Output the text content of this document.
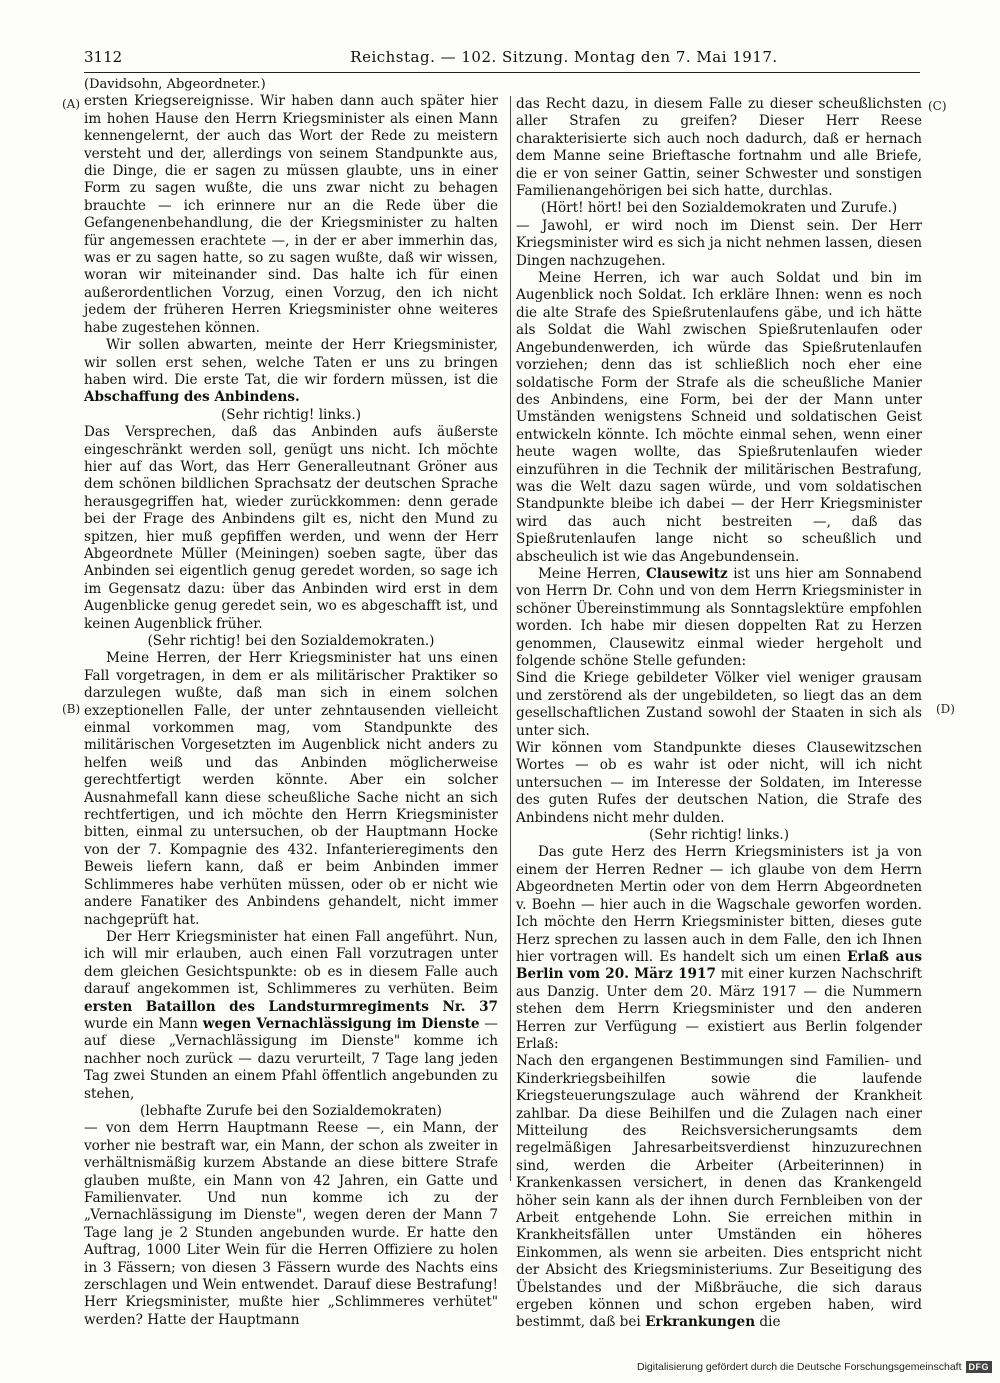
3112	Reichstag. — 102. Sitzung. Montag den 7. Mai 1917.
(A)
(B)
(C)
(D)

(Davidsohn, Abgeordneter.)

ersten Kriegsereignisse. Wir haben dann auch später hier im hohen Hause den Herrn Kriegsminister als einen Mann kennengelernt, der auch das Wort der Rede zu meistern versteht und der, allerdings von seinem Standpunkte aus, die Dinge, die er sagen zu müssen glaubte, uns in einer Form zu sagen wußte, die uns zwar nicht zu behagen brauchte — ich erinnere nur an die Rede über die Gefangenenbehandlung, die der Kriegsminister zu halten für angemessen erachtete —, in der er aber immerhin das, was er zu sagen hatte, so zu sagen wußte, daß wir wissen, woran wir miteinander sind. Das halte ich für einen außerordentlichen Vorzug, einen Vorzug, den ich nicht jedem der früheren Herren Kriegsminister ohne weiteres habe zugestehen können.

Wir sollen abwarten, meinte der Herr Kriegsminister, wir sollen erst sehen, welche Taten er uns zu bringen haben wird. Die erste Tat, die wir fordern müssen, ist die Abschaffung des Anbindens.

(Sehr richtig! links.)

Das Versprechen, daß das Anbinden aufs äußerste eingeschränkt werden soll, genügt uns nicht. Ich möchte hier auf das Wort, das Herr Generalleutnant Gröner aus dem schönen bildlichen Sprachsatz der deutschen Sprache herausgegriffen hat, wieder zurückkommen: denn gerade bei der Frage des Anbindens gilt es, nicht den Mund zu spitzen, hier muß gepfiffen werden, und wenn der Herr Abgeordnete Müller (Meiningen) soeben sagte, über das Anbinden sei eigentlich genug geredet worden, so sage ich im Gegensatz dazu: über das Anbinden wird erst in dem Augenblicke genug geredet sein, wo es abgeschafft ist, und keinen Augenblick früher.

(Sehr richtig! bei den Sozialdemokraten.)

Meine Herren, der Herr Kriegsminister hat uns einen Fall vorgetragen, in dem er als militärischer Praktiker so darzulegen wußte, daß man sich in einem solchen exzeptionellen Falle, der unter zehntausenden vielleicht einmal vorkommen mag, vom Standpunkte des militärischen Vorgesetzten im Augenblick nicht anders zu helfen weiß und das Anbinden möglicherweise gerechtfertigt werden könnte. Aber ein solcher Ausnahmefall kann diese scheußliche Sache nicht an sich rechtfertigen, und ich möchte den Herrn Kriegsminister bitten, einmal zu untersuchen, ob der Hauptmann Hocke von der 7. Kompagnie des 432. Infanterieregiments den Beweis liefern kann, daß er beim Anbinden immer Schlimmeres habe verhüten müssen, oder ob er nicht wie andere Fanatiker des Anbindens gehandelt, nicht immer nachgeprüft hat.

Der Herr Kriegsminister hat einen Fall angeführt. Nun, ich will mir erlauben, auch einen Fall vorzutragen unter dem gleichen Gesichtspunkte: ob es in diesem Falle auch darauf angekommen ist, Schlimmeres zu verhüten. Beim ersten Bataillon des Landsturmregiments Nr. 37 wurde ein Mann wegen Vernachlässigung im Dienste — auf diese „Vernachlässigung im Dienste" komme ich nachher noch zurück — dazu verurteilt, 7 Tage lang jeden Tag zwei Stunden an einem Pfahl öffentlich angebunden zu stehen,

(lebhafte Zurufe bei den Sozialdemokraten)

— von dem Herrn Hauptmann Reese —, ein Mann, der vorher nie bestraft war, ein Mann, der schon als zweiter in verhältnismäßig kurzem Abstande an diese bittere Strafe glauben mußte, ein Mann von 42 Jahren, ein Gatte und Familienvater. Und nun komme ich zu der „Vernachlässigung im Dienste", wegen deren der Mann 7 Tage lang je 2 Stunden angebunden wurde. Er hatte den Auftrag, 1000 Liter Wein für die Herren Offiziere zu holen in 3 Fässern; von diesen 3 Fässern wurde des Nachts eins zerschlagen und Wein entwendet. Darauf diese Bestrafung! Herr Kriegsminister, mußte hier „Schlimmeres verhütet" werden? Hatte der Hauptmann

das Recht dazu, in diesem Falle zu dieser scheußlichsten aller Strafen zu greifen? Dieser Herr Reese charakterisierte sich auch noch dadurch, daß er hernach dem Manne seine Brieftasche fortnahm und alle Briefe, die er von seiner Gattin, seiner Schwester und sonstigen Familienangehörigen bei sich hatte, durchlas.

(Hört! hört! bei den Sozialdemokraten und Zurufe.)

— Jawohl, er wird noch im Dienst sein. Der Herr Kriegsminister wird es sich ja nicht nehmen lassen, diesen Dingen nachzugehen.

Meine Herren, ich war auch Soldat und bin im Augenblick noch Soldat. Ich erkläre Ihnen: wenn es noch die alte Strafe des Spießrutenlaufens gäbe, und ich hätte als Soldat die Wahl zwischen Spießrutenlaufen oder Angebundenwerden, ich würde das Spießrutenlaufen vorziehen; denn das ist schließlich noch eher eine soldatische Form der Strafe als die scheußliche Manier des Anbindens, eine Form, bei der der Mann unter Umständen wenigstens Schneid und soldatischen Geist entwickeln könnte. Ich möchte einmal sehen, wenn einer heute wagen wollte, das Spießrutenlaufen wieder einzuführen in die Technik der militärischen Bestrafung, was die Welt dazu sagen würde, und vom soldatischen Standpunkte bleibe ich dabei — der Herr Kriegsminister wird das auch nicht bestreiten —, daß das Spießrutenlaufen lange nicht so scheußlich und abscheulich ist wie das Angebundensein.

Meine Herren, Clausewitz ist uns hier am Sonnabend von Herrn Dr. Cohn und von dem Herrn Kriegsminister in schöner Übereinstimmung als Sonntagslektüre empfohlen worden. Ich habe mir diesen doppelten Rat zu Herzen genommen, Clausewitz einmal wieder hergeholt und folgende schöne Stelle gefunden:

Sind die Kriege gebildeter Völker viel weniger grausam und zerstörend als der ungebildeten, so liegt das an dem gesellschaftlichen Zustand sowohl der Staaten in sich als unter sich.

Wir können vom Standpunkte dieses Clausewitzschen Wortes — ob es wahr ist oder nicht, will ich nicht untersuchen — im Interesse der Soldaten, im Interesse des guten Rufes der deutschen Nation, die Strafe des Anbindens nicht mehr dulden.

(Sehr richtig! links.)

Das gute Herz des Herrn Kriegsministers ist ja von einem der Herren Redner — ich glaube von dem Herrn Abgeordneten Mertin oder von dem Herrn Abgeordneten v. Boehn — hier auch in die Wagschale geworfen worden. Ich möchte den Herrn Kriegsminister bitten, dieses gute Herz sprechen zu lassen auch in dem Falle, den ich Ihnen hier vortragen will. Es handelt sich um einen Erlaß aus Berlin vom 20. März 1917 mit einer kurzen Nachschrift aus Danzig. Unter dem 20. März 1917 — die Nummern stehen dem Herrn Kriegsminister und den anderen Herren zur Verfügung — existiert aus Berlin folgender Erlaß:

Nach den ergangenen Bestimmungen sind Familien- und Kinderkriegsbeihilfen sowie die laufende Kriegsteuerungszulage auch während der Krankheit zahlbar. Da diese Beihilfen und die Zulagen nach einer Mitteilung des Reichsversicherungsamts dem regelmäßigen Jahresarbeitsverdienst hinzuzurechnen sind, werden die Arbeiter (Arbeiterinnen) in Krankenkassen versichert, in denen das Krankengeld höher sein kann als der ihnen durch Fernbleiben von der Arbeit entgehende Lohn. Sie erreichen mithin in Krankheitsfällen unter Umständen ein höheres Einkommen, als wenn sie arbeiten. Dies entspricht nicht der Absicht des Kriegsministeriums. Zur Beseitigung des Übelstandes und der Mißbräuche, die sich daraus ergeben können und schon ergeben haben, wird bestimmt, daß bei Erkrankungen die

Digitalisierung gefördert durch die Deutsche Forschungsgemeinschaft DFG
